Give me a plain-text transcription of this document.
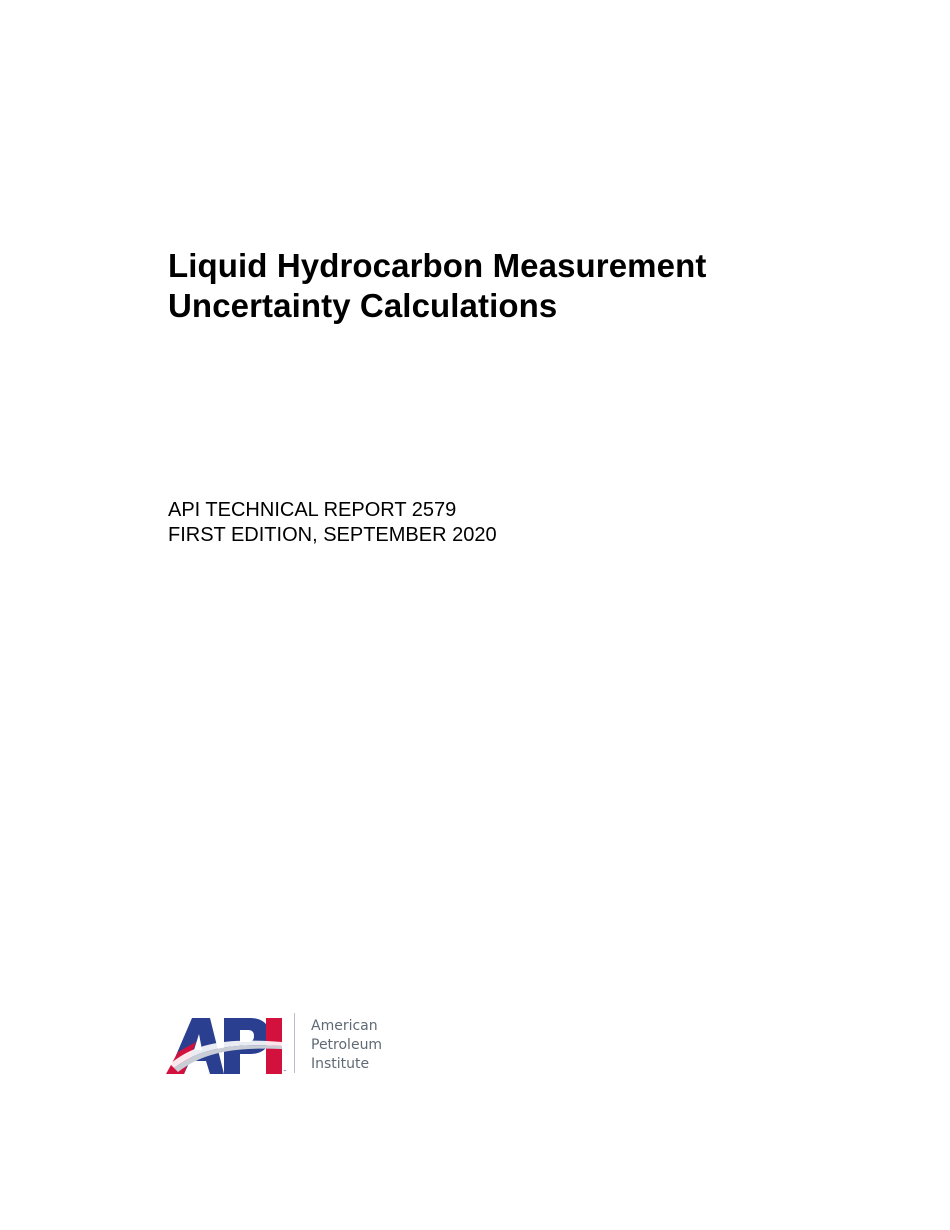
Liquid Hydrocarbon Measurement
Uncertainty Calculations
API TECHNICAL REPORT 2579
FIRST EDITION, SEPTEMBER 2020
™
American
Petroleum
Institute
